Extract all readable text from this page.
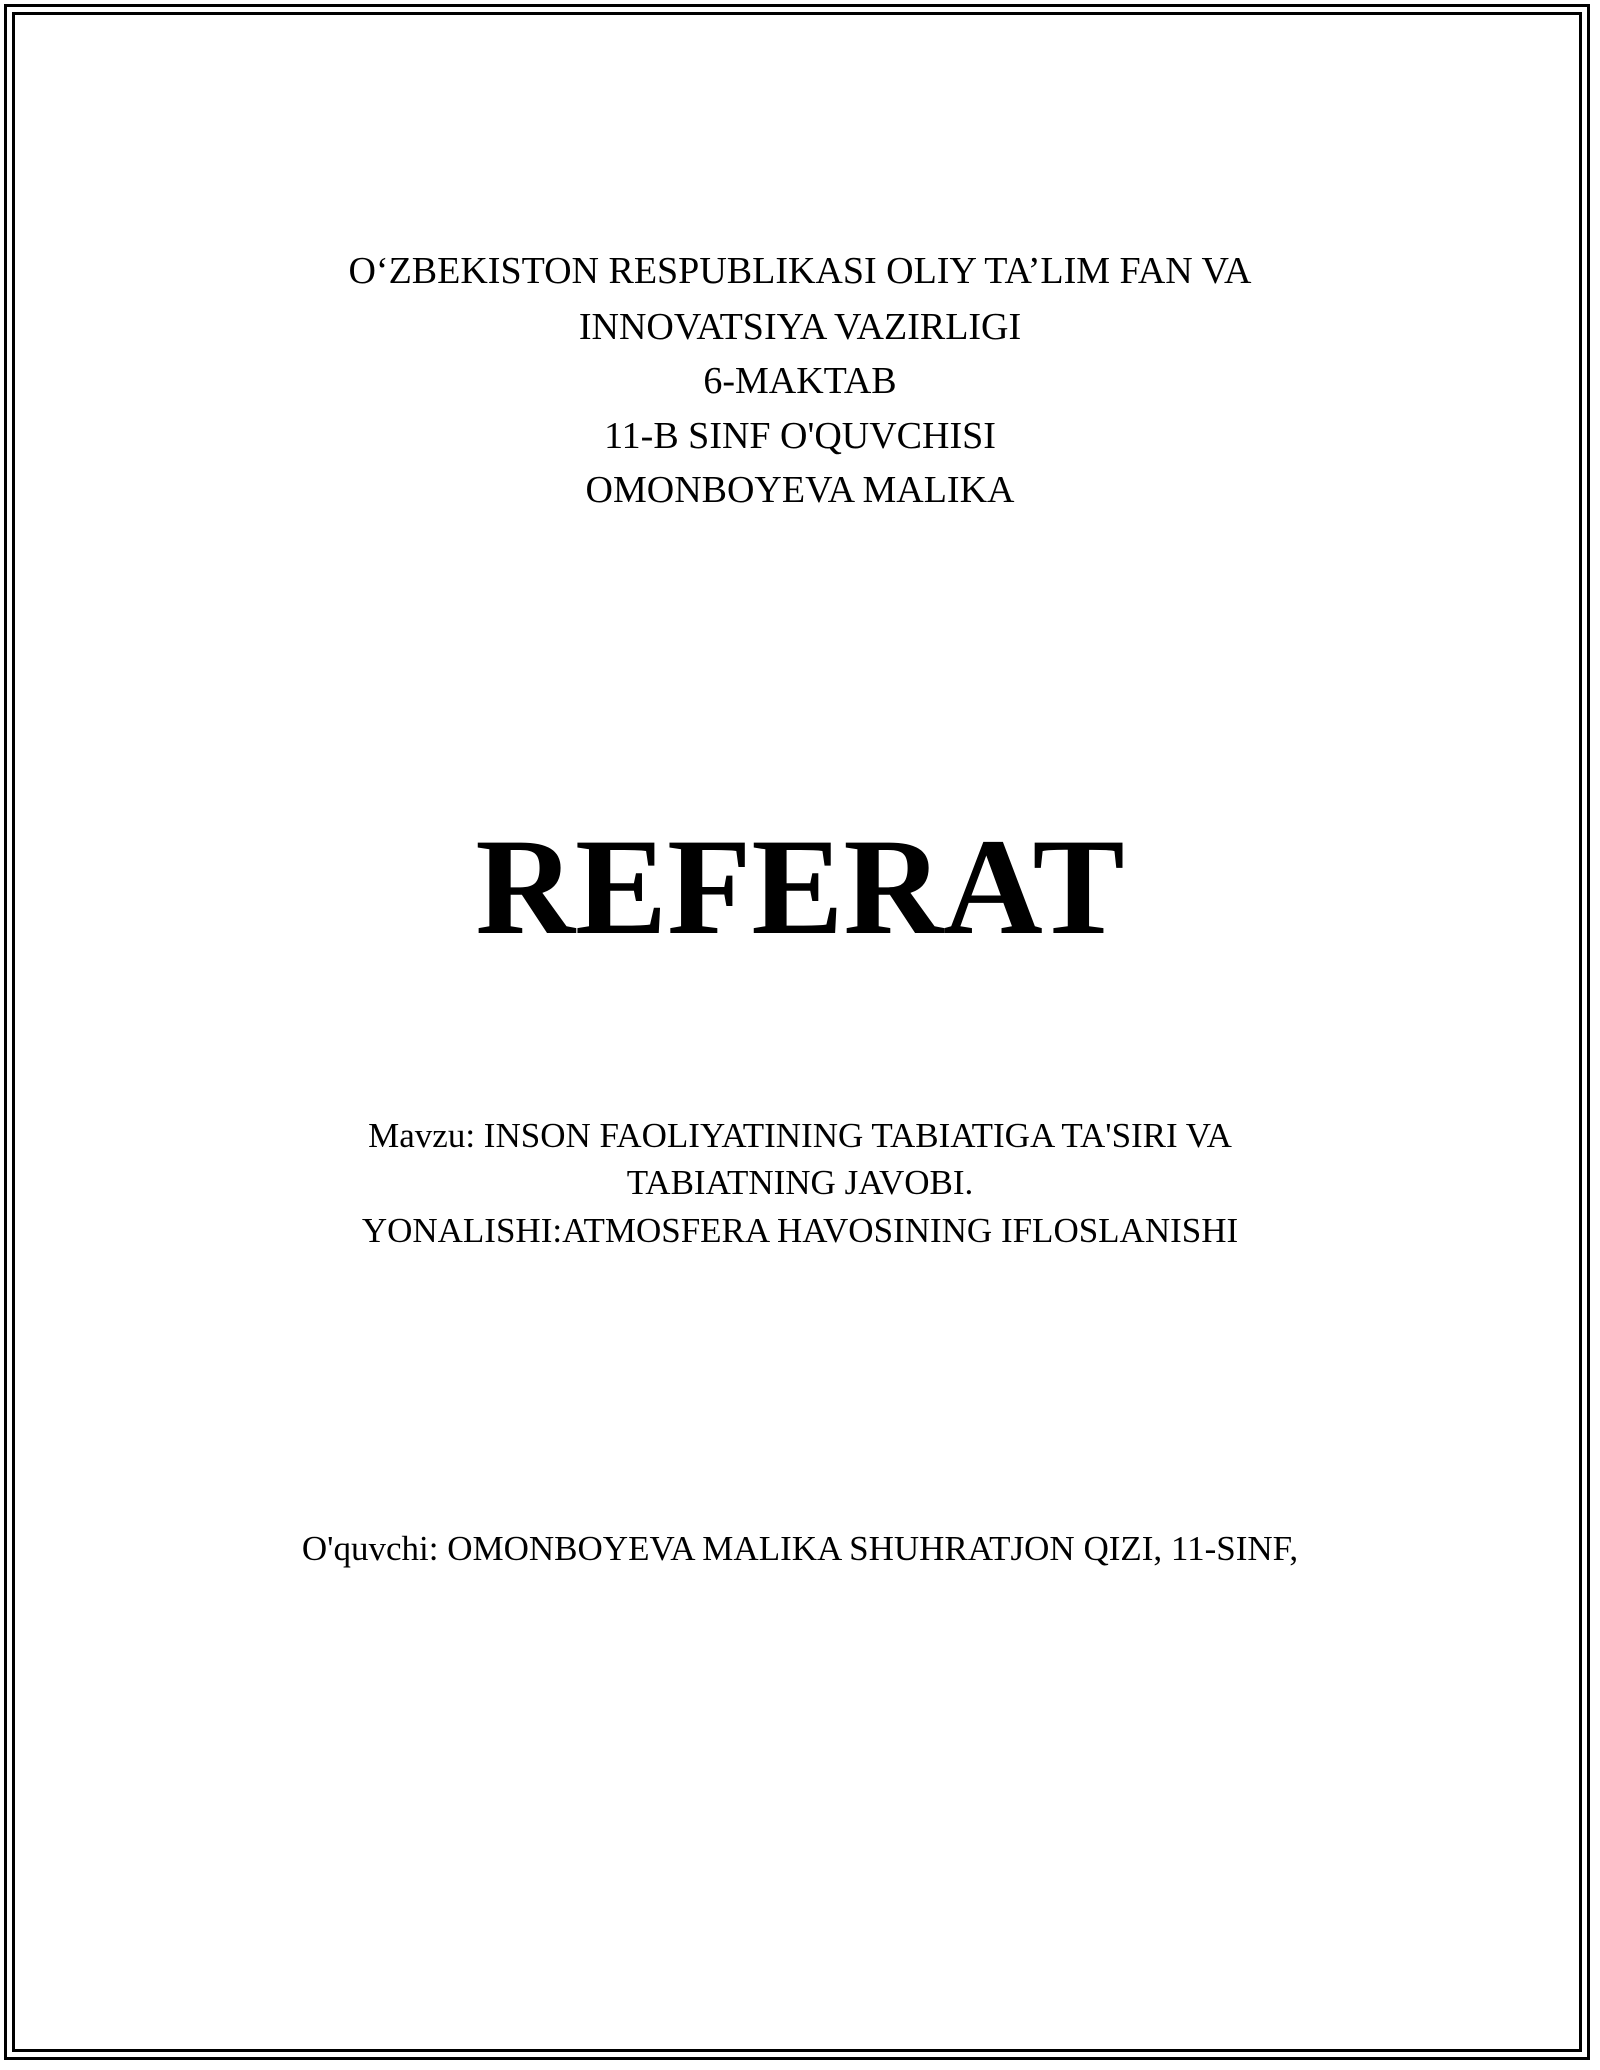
O‘ZBEKISTON RESPUBLIKASI OLIY TA’LIM FAN VA
INNOVATSIYA VAZIRLIGI
6-MAKTAB
11-B SINF O'QUVCHISI
OMONBOYEVA MALIKA
REFERAT
Mavzu: INSON FAOLIYATINING TABIATIGA TA'SIRI VA
TABIATNING JAVOBI.
YONALISHI:ATMOSFERA HAVOSINING IFLOSLANISHI
O'quvchi: OMONBOYEVA MALIKA SHUHRATJON QIZI, 11-SINF,
